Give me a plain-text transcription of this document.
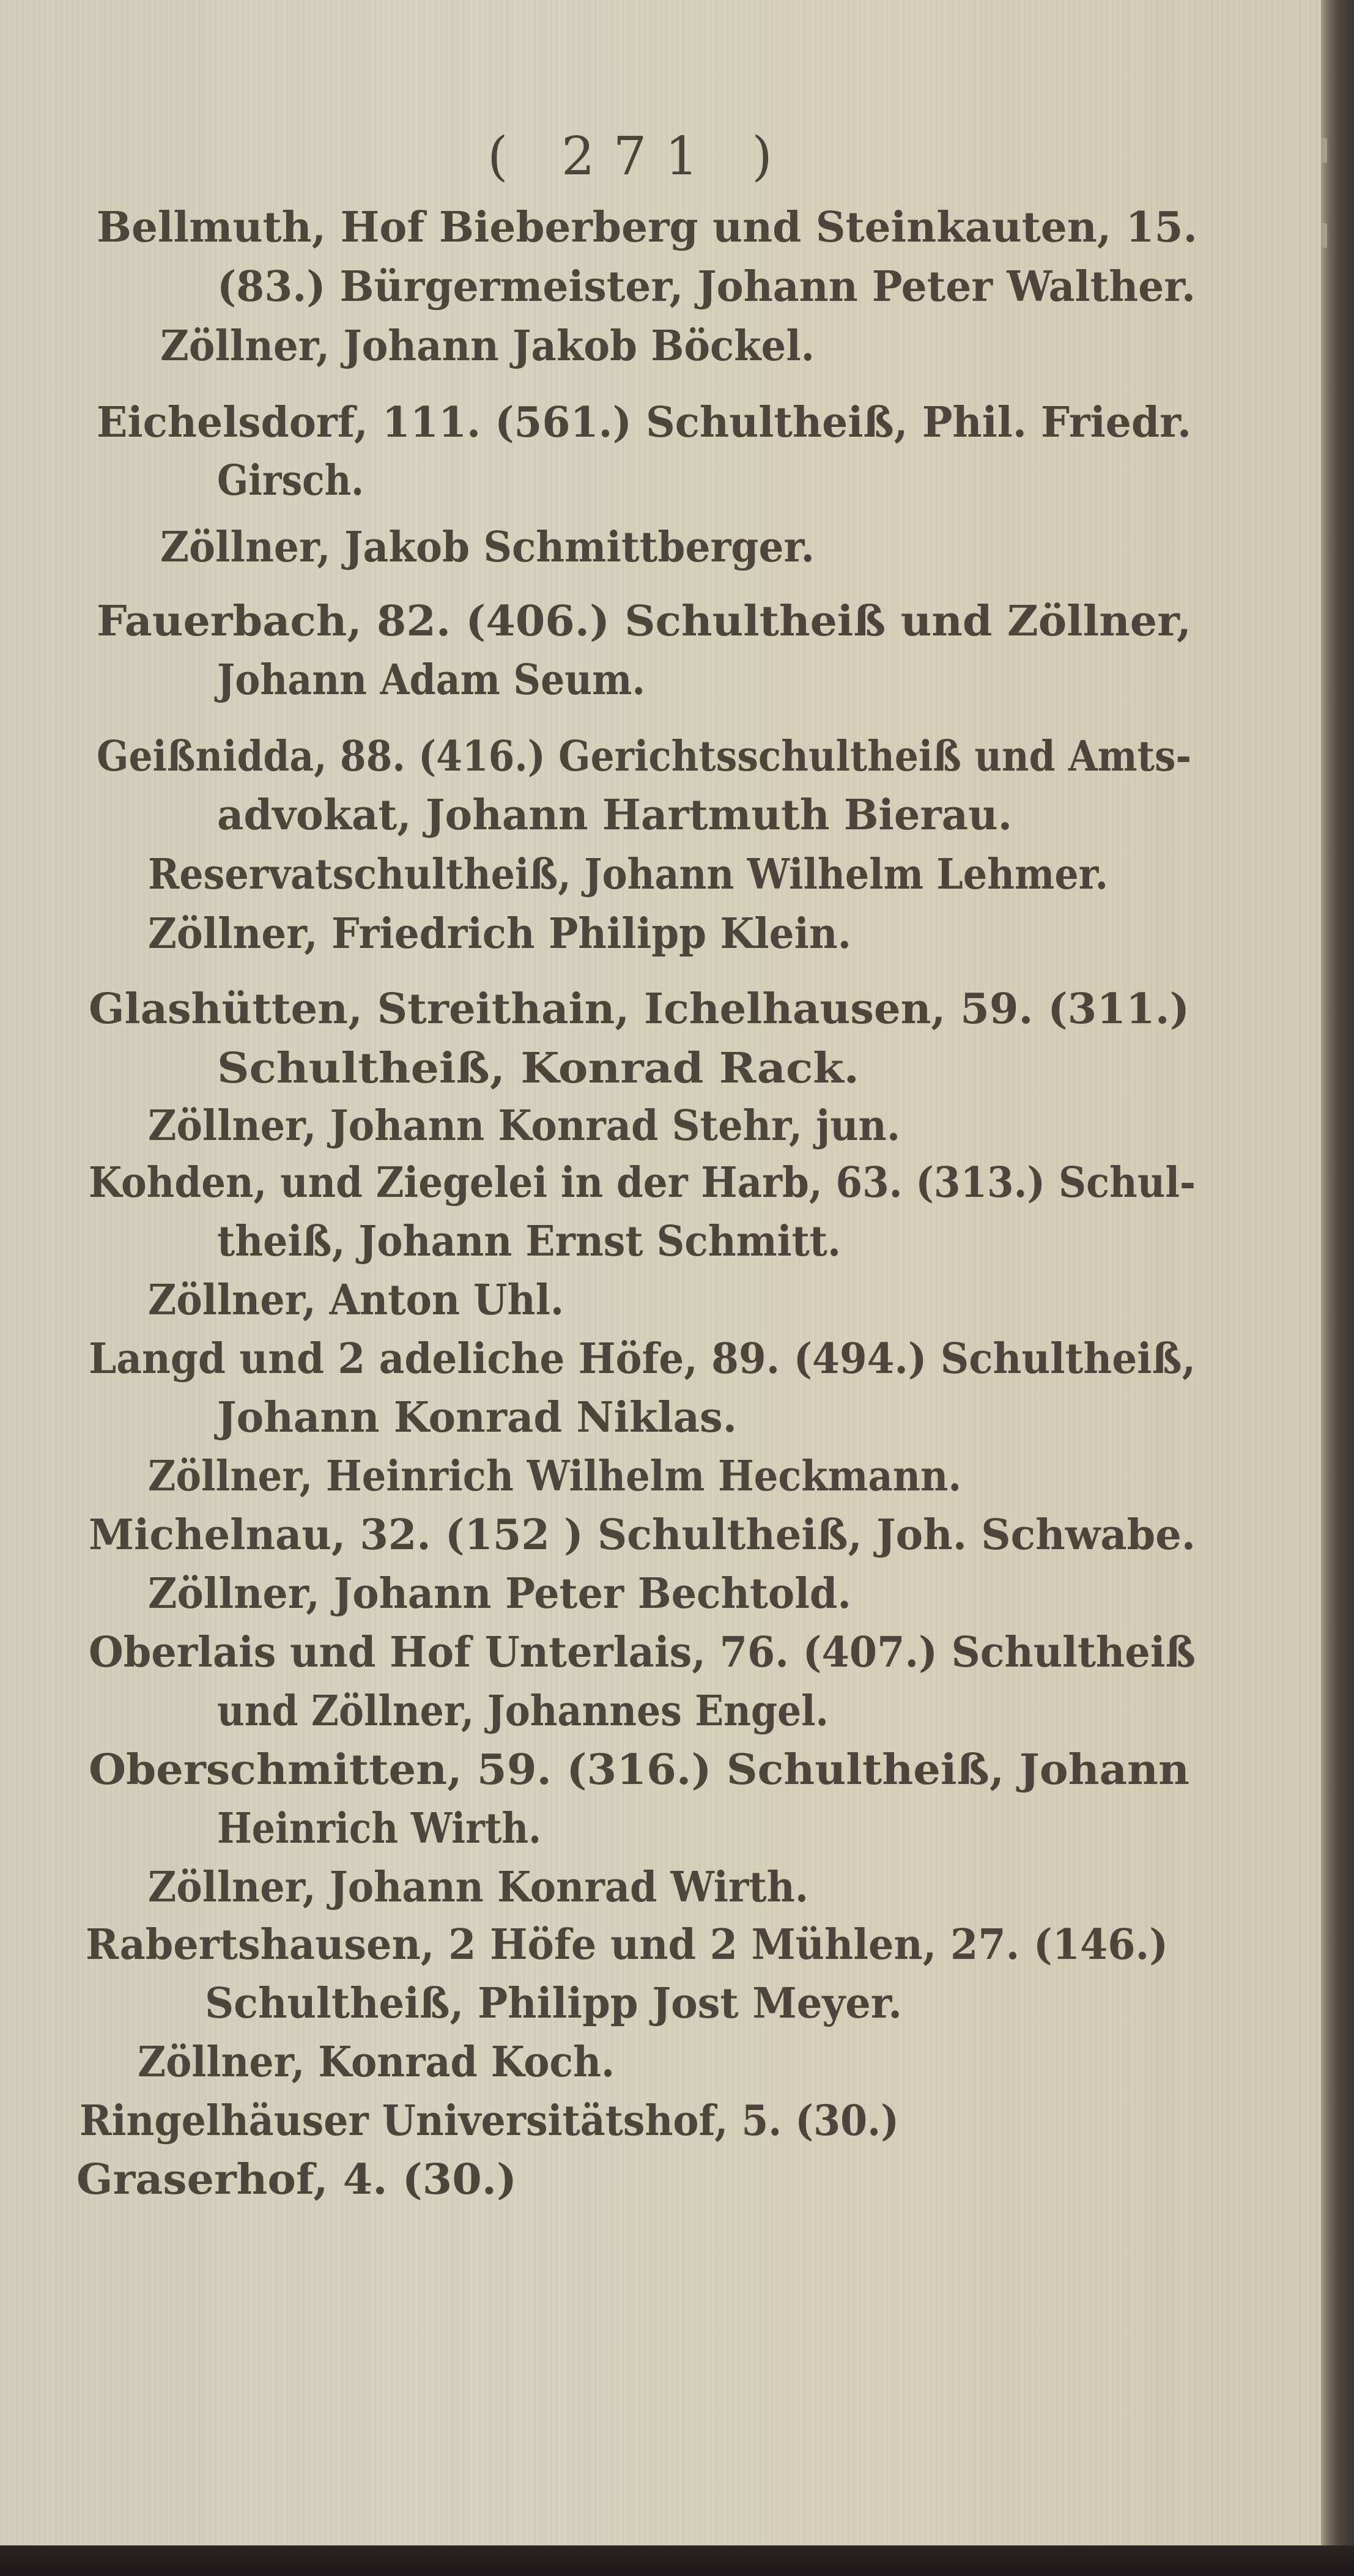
( 271 )
Bellmuth, Hof Bieberberg und Steinkauten, 15.
(83.) Bürgermeister, Johann Peter Walther.
Zöllner, Johann Jakob Böckel.
Eichelsdorf, 111. (561.) Schultheiß, Phil. Friedr.
Girsch.
Zöllner, Jakob Schmittberger.
Fauerbach, 82. (406.) Schultheiß und Zöllner,
Johann Adam Seum.
Geißnidda, 88. (416.) Gerichtsschultheiß und Amts-
advokat, Johann Hartmuth Bierau.
Reservatschultheiß, Johann Wilhelm Lehmer.
Zöllner, Friedrich Philipp Klein.
Glashütten, Streithain, Ichelhausen, 59. (311.)
Schultheiß, Konrad Rack.
Zöllner, Johann Konrad Stehr, jun.
Kohden, und Ziegelei in der Harb, 63. (313.) Schul-
theiß, Johann Ernst Schmitt.
Zöllner, Anton Uhl.
Langd und 2 adeliche Höfe, 89. (494.) Schultheiß,
Johann Konrad Niklas.
Zöllner, Heinrich Wilhelm Heckmann.
Michelnau, 32. (152 ) Schultheiß, Joh. Schwabe.
Zöllner, Johann Peter Bechtold.
Oberlais und Hof Unterlais, 76. (407.) Schultheiß
und Zöllner, Johannes Engel.
Oberschmitten, 59. (316.) Schultheiß, Johann
Heinrich Wirth.
Zöllner, Johann Konrad Wirth.
Rabertshausen, 2 Höfe und 2 Mühlen, 27. (146.)
Schultheiß, Philipp Jost Meyer.
Zöllner, Konrad Koch.
Ringelhäuser Universitätshof, 5. (30.)
Graserhof, 4. (30.)
